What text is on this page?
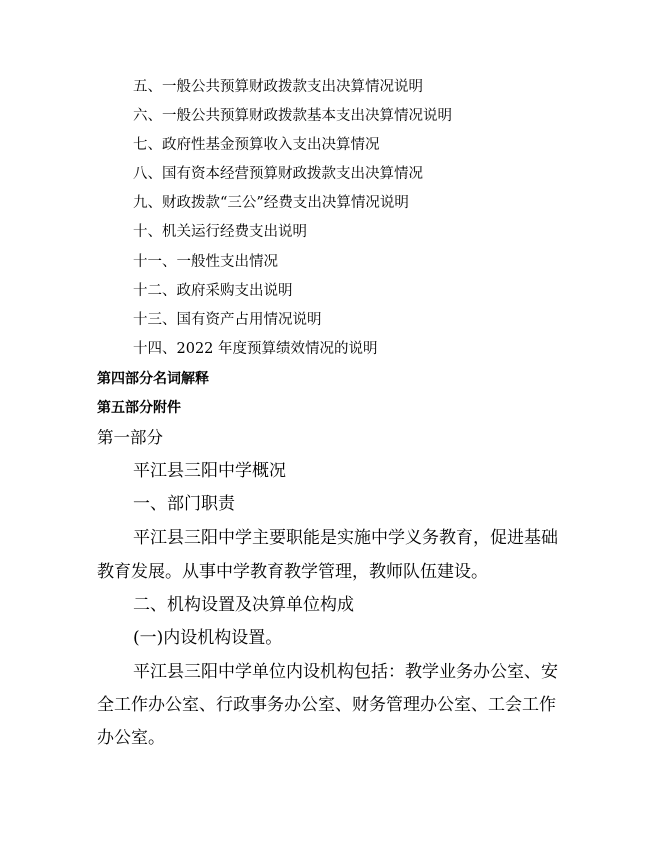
五、一般公共预算财政拨款支出决算情况说明
六、一般公共预算财政拨款基本支出决算情况说明
七、政府性基金预算收入支出决算情况
八、国有资本经营预算财政拨款支出决算情况
九、财政拨款“三公”经费支出决算情况说明
十、机关运行经费支出说明
十一、一般性支出情况
十二、政府采购支出说明
十三、国有资产占用情况说明
十四、2022 年度预算绩效情况的说明
第四部分名词解释
第五部分附件
第一部分
平江县三阳中学概况
一、部门职责
平江县三阳中学主要职能是实施中学义务教育，促进基础
教育发展。从事中学教育教学管理，教师队伍建设。
二、机构设置及决算单位构成
(一)内设机构设置。
平江县三阳中学单位内设机构包括：教学业务办公室、安
全工作办公室、行政事务办公室、财务管理办公室、工会工作
办公室。
